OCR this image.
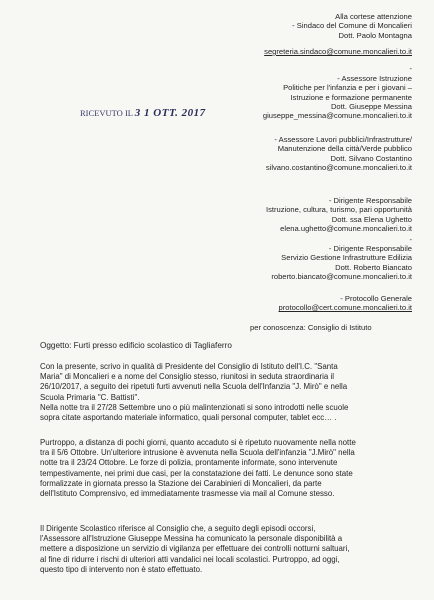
Alla cortese attenzione
- Sindaco del Comune di Moncalieri
Dott. Paolo Montagna
segreteria.sindaco@comune.moncalieri.to.it
-
- Assessore Istruzione
Politiche per l'infanzia e per i giovani –
Istruzione e formazione permanente
Dott. Giuseppe Messina
giuseppe_messina@comune.moncalieri.to.it
- Assessore Lavori pubblici/Infrastrutture/
Manutenzione della città/Verde pubblico
Dott. Silvano Costantino
silvano.costantino@comune.moncalieri.to.it
- Dirigente Responsabile
Istruzione, cultura, turismo, pari opportunità
Dott. ssa Elena Ughetto
elena.ughetto@comune.moncalieri.to.it
-
- Dirigente Responsabile
Servizio Gestione Infrastrutture Edilizia
Dott. Roberto Biancato
roberto.biancato@comune.moncalieri.to.it
- Protocollo Generale
protocollo@cert.comune.moncalieri.to.it
per conoscenza: Consiglio di Istituto
RICEVUTO IL 3 1 OTT. 2017
Oggetto: Furti presso edificio scolastico di Tagliaferro
Con la presente, scrivo in qualità di Presidente del Consiglio di Istituto dell'I.C. "Santa
Maria" di Moncalieri e a nome del Consiglio stesso, riunitosi in seduta straordinaria il
26/10/2017, a seguito dei ripetuti furti avvenuti nella Scuola dell'Infanzia "J. Mirò" e nella
Scuola Primaria "C. Battisti".
Nella notte tra il 27/28 Settembre uno o più malintenzionati si sono introdotti nelle scuole
sopra citate asportando materiale informatico, quali personal computer, tablet ecc… .
Purtroppo, a distanza di pochi giorni, quanto accaduto si è ripetuto nuovamente nella notte
tra il 5/6 Ottobre. Un'ulteriore intrusione è avvenuta nella Scuola dell'infanzia "J.Mirò" nella
notte tra il 23/24 Ottobre. Le forze di polizia, prontamente informate, sono intervenute
tempestivamente, nei primi due casi, per la constatazione dei fatti. Le denunce sono state
formalizzate in giornata presso la Stazione dei Carabinieri di Moncalieri, da parte
dell'Istituto Comprensivo, ed immediatamente trasmesse via mail al Comune stesso.
Il Dirigente Scolastico riferisce al Consiglio che, a seguito degli episodi occorsi,
l'Assessore all'Istruzione Giuseppe Messina ha comunicato la personale disponibilità a
mettere a disposizione un servizio di vigilanza per effettuare dei controlli notturni saltuari,
al fine di ridurre i rischi di ulteriori atti vandalici nei locali scolastici. Purtroppo, ad oggi,
questo tipo di intervento non è stato effettuato.
